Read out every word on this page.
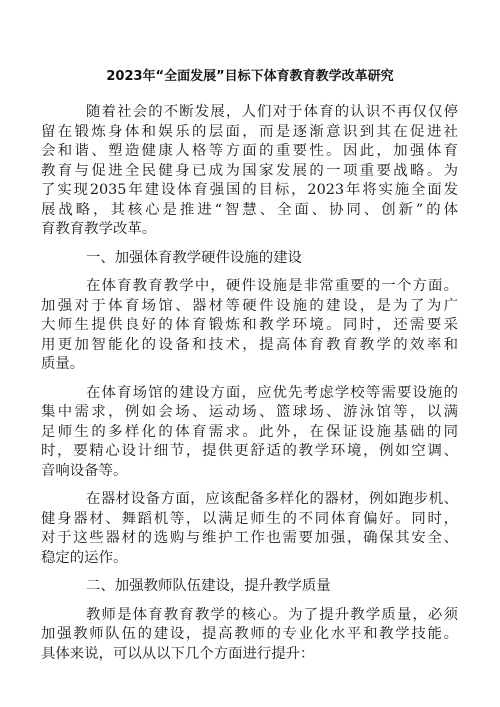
2023年“全面发展”目标下体育教育教学改革研究
随着社会的不断发展，人们对于体育的认识不再仅仅停
留在锻炼身体和娱乐的层面，而是逐渐意识到其在促进社
会和谐、塑造健康人格等方面的重要性。因此，加强体育
教育与促进全民健身已成为国家发展的一项重要战略。为
了实现2035年建设体育强国的目标，2023年将实施全面发
展战略，其核心是推进“智慧、全面、协同、创新”的体
育教育教学改革。
一、加强体育教学硬件设施的建设
在体育教育教学中，硬件设施是非常重要的一个方面。
加强对于体育场馆、器材等硬件设施的建设，是为了为广
大师生提供良好的体育锻炼和教学环境。同时，还需要采
用更加智能化的设备和技术，提高体育教育教学的效率和
质量。
在体育场馆的建设方面，应优先考虑学校等需要设施的
集中需求，例如会场、运动场、篮球场、游泳馆等，以满
足师生的多样化的体育需求。此外，在保证设施基础的同
时，要精心设计细节，提供更舒适的教学环境，例如空调、
音响设备等。
在器材设备方面，应该配备多样化的器材，例如跑步机、
健身器材、舞蹈机等，以满足师生的不同体育偏好。同时，
对于这些器材的选购与维护工作也需要加强，确保其安全、
稳定的运作。
二、加强教师队伍建设，提升教学质量
教师是体育教育教学的核心。为了提升教学质量，必须
加强教师队伍的建设，提高教师的专业化水平和教学技能。
具体来说，可以从以下几个方面进行提升：
